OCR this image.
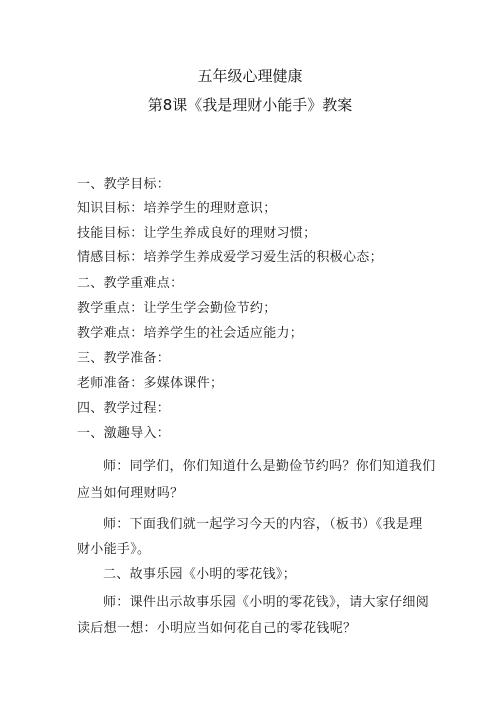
五年级心理健康
第8课《我是理财小能手》教案
一、教学目标：
知识目标：培养学生的理财意识；
技能目标：让学生养成良好的理财习惯；
情感目标：培养学生养成爱学习爱生活的积极心态；
二、教学重难点：
教学重点：让学生学会勤俭节约；
教学难点：培养学生的社会适应能力；
三、教学准备：
老师准备：多媒体课件；
四、教学过程：
一、激趣导入：
师：同学们，你们知道什么是勤俭节约吗？你们知道我们
应当如何理财吗？
师：下面我们就一起学习今天的内容，（板书）《我是理
财小能手》。
二、故事乐园《小明的零花钱》；
师：课件出示故事乐园《小明的零花钱》，请大家仔细阅
读后想一想：小明应当如何花自己的零花钱呢？
